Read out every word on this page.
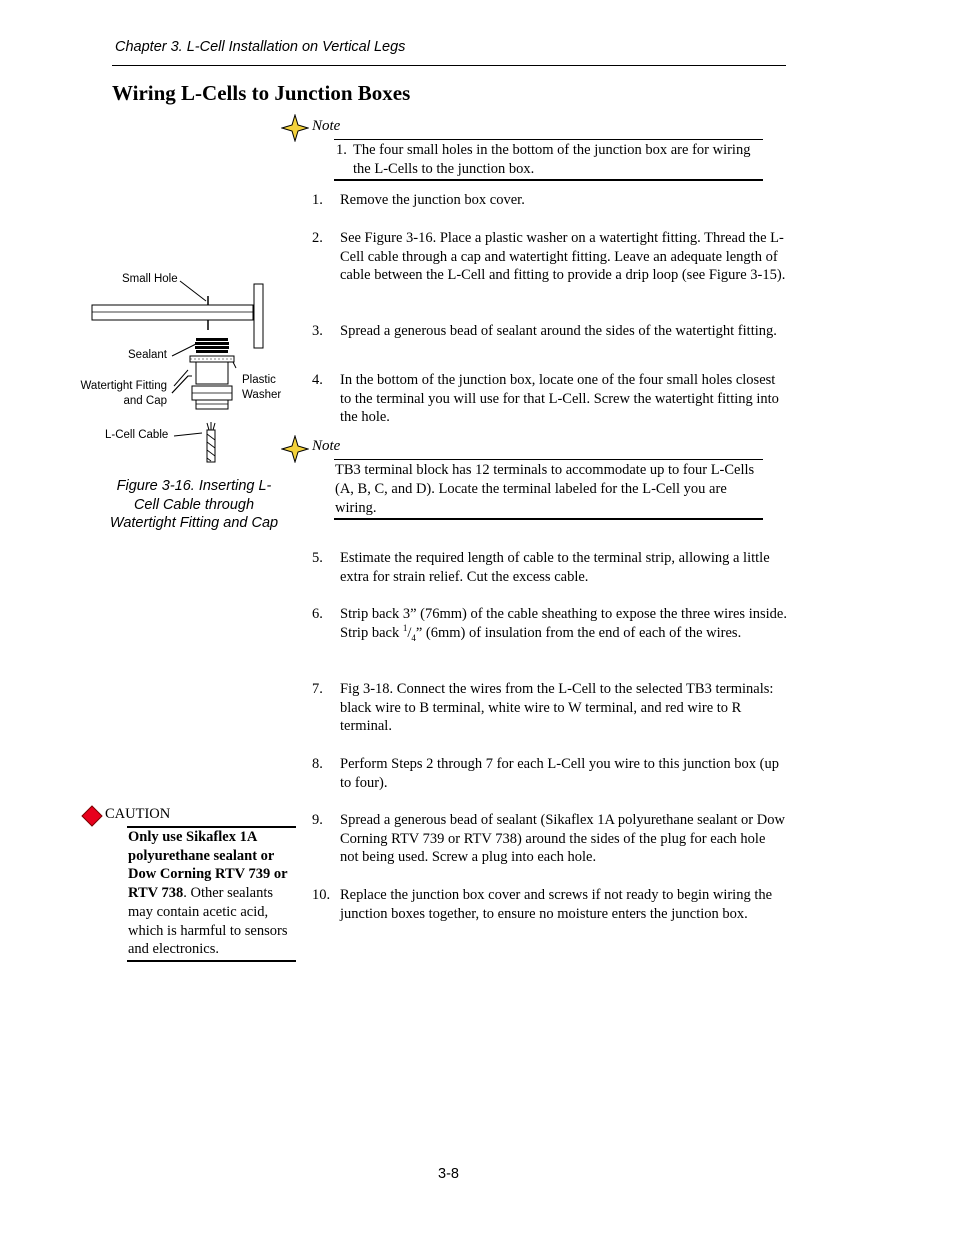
Chapter 3. L-Cell Installation on Vertical Legs
Wiring L-Cells to Junction Boxes
Note
1. The four small holes in the bottom of the junction box are for wiring the L-Cells to the junction box.
1. Remove the junction box cover.
2. See Figure 3-16. Place a plastic washer on a watertight fitting. Thread the L-Cell cable through a cap and watertight fitting. Leave an adequate length of cable between the L-Cell and fitting to provide a drip loop (see Figure 3-15).
3. Spread a generous bead of sealant around the sides of the watertight fitting.
4. In the bottom of the junction box, locate one of the four small holes closest to the terminal you will use for that L-Cell. Screw the watertight fitting into the hole.
Note
TB3 terminal block has 12 terminals to accommodate up to four L-Cells (A, B, C, and D). Locate the terminal labeled for the L-Cell you are wiring.
5. Estimate the required length of cable to the terminal strip, allowing a little extra for strain relief. Cut the excess cable.
6. Strip back 3” (76mm) of the cable sheathing to expose the three wires inside. Strip back $^1/_4$” (6mm) of insulation from the end of each of the wires.
7. Fig 3-18. Connect the wires from the L-Cell to the selected TB3 terminals: black wire to B terminal, white wire to W terminal, and red wire to R terminal.
8. Perform Steps 2 through 7 for each L-Cell you wire to this junction box (up to four).
9. Spread a generous bead of sealant (Sikaflex 1A polyurethane sealant or Dow Corning RTV 739 or RTV 738) around the sides of the plug for each hole not being used. Screw a plug into each hole.
10. Replace the junction box cover and screws if not ready to begin wiring the junction boxes together, to ensure no moisture enters the junction box.
Small Hole
Sealant
Watertight Fitting
and Cap
Plastic
Washer
L-Cell Cable
Figure 3-16. Inserting L-Cell Cable through Watertight Fitting and Cap
CAUTION
Only use Sikaflex 1A polyurethane sealant or Dow Corning RTV 739 or RTV 738. Other sealants may contain acetic acid, which is harmful to sensors and electronics.
3-8
